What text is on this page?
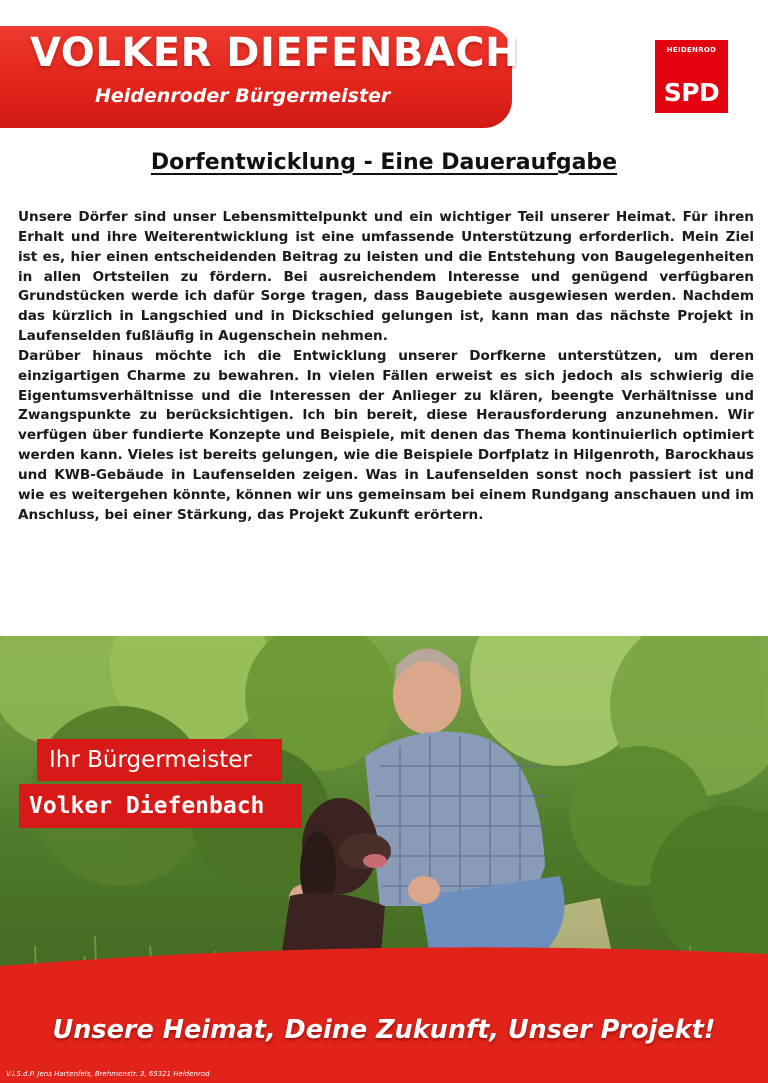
VOLKER DIEFENBACH
Heidenroder Bürgermeister
HEIDENROD
SPD
Dorfentwicklung - Eine Daueraufgabe

Unsere Dörfer sind unser Lebensmittelpunkt und ein wichtiger Teil unserer Heimat. Für ihren Erhalt und ihre Weiterentwicklung ist eine umfassende Unterstützung erforderlich. Mein Ziel ist es, hier einen entscheidenden Beitrag zu leisten und die Entstehung von Baugelegenheiten in allen Ortsteilen zu fördern. Bei ausreichendem Interesse und genügend verfügbaren Grundstücken werde ich dafür Sorge tragen, dass Baugebiete ausgewiesen werden. Nachdem das kürzlich in Langschied und in Dickschied gelungen ist, kann man das nächste Projekt in Laufenselden fußläufig in Augenschein nehmen.

Darüber hinaus möchte ich die Entwicklung unserer Dorfkerne unterstützen, um deren einzigartigen Charme zu bewahren. In vielen Fällen erweist es sich jedoch als schwierig die Eigentumsverhältnisse und die Interessen der Anlieger zu klären, beengte Verhältnisse und Zwangspunkte zu berücksichtigen. Ich bin bereit, diese Herausforderung anzunehmen. Wir verfügen über fundierte Konzepte und Beispiele, mit denen das Thema kontinuierlich optimiert werden kann. Vieles ist bereits gelungen, wie die Beispiele Dorfplatz in Hilgenroth, Barockhaus und KWB-Gebäude in Laufenselden zeigen. Was in Laufenselden sonst noch passiert ist und wie es weitergehen könnte, können wir uns gemeinsam bei einem Rundgang anschauen und im Anschluss, bei einer Stärkung, das Projekt Zukunft erörtern.

Ihr Bürgermeister
Volker Diefenbach
Unsere Heimat, Deine Zukunft, Unser Projekt!
V.i.S.d.P. Jens Hartenfels, Brehmenstr. 3, 65321 Heidenrod
